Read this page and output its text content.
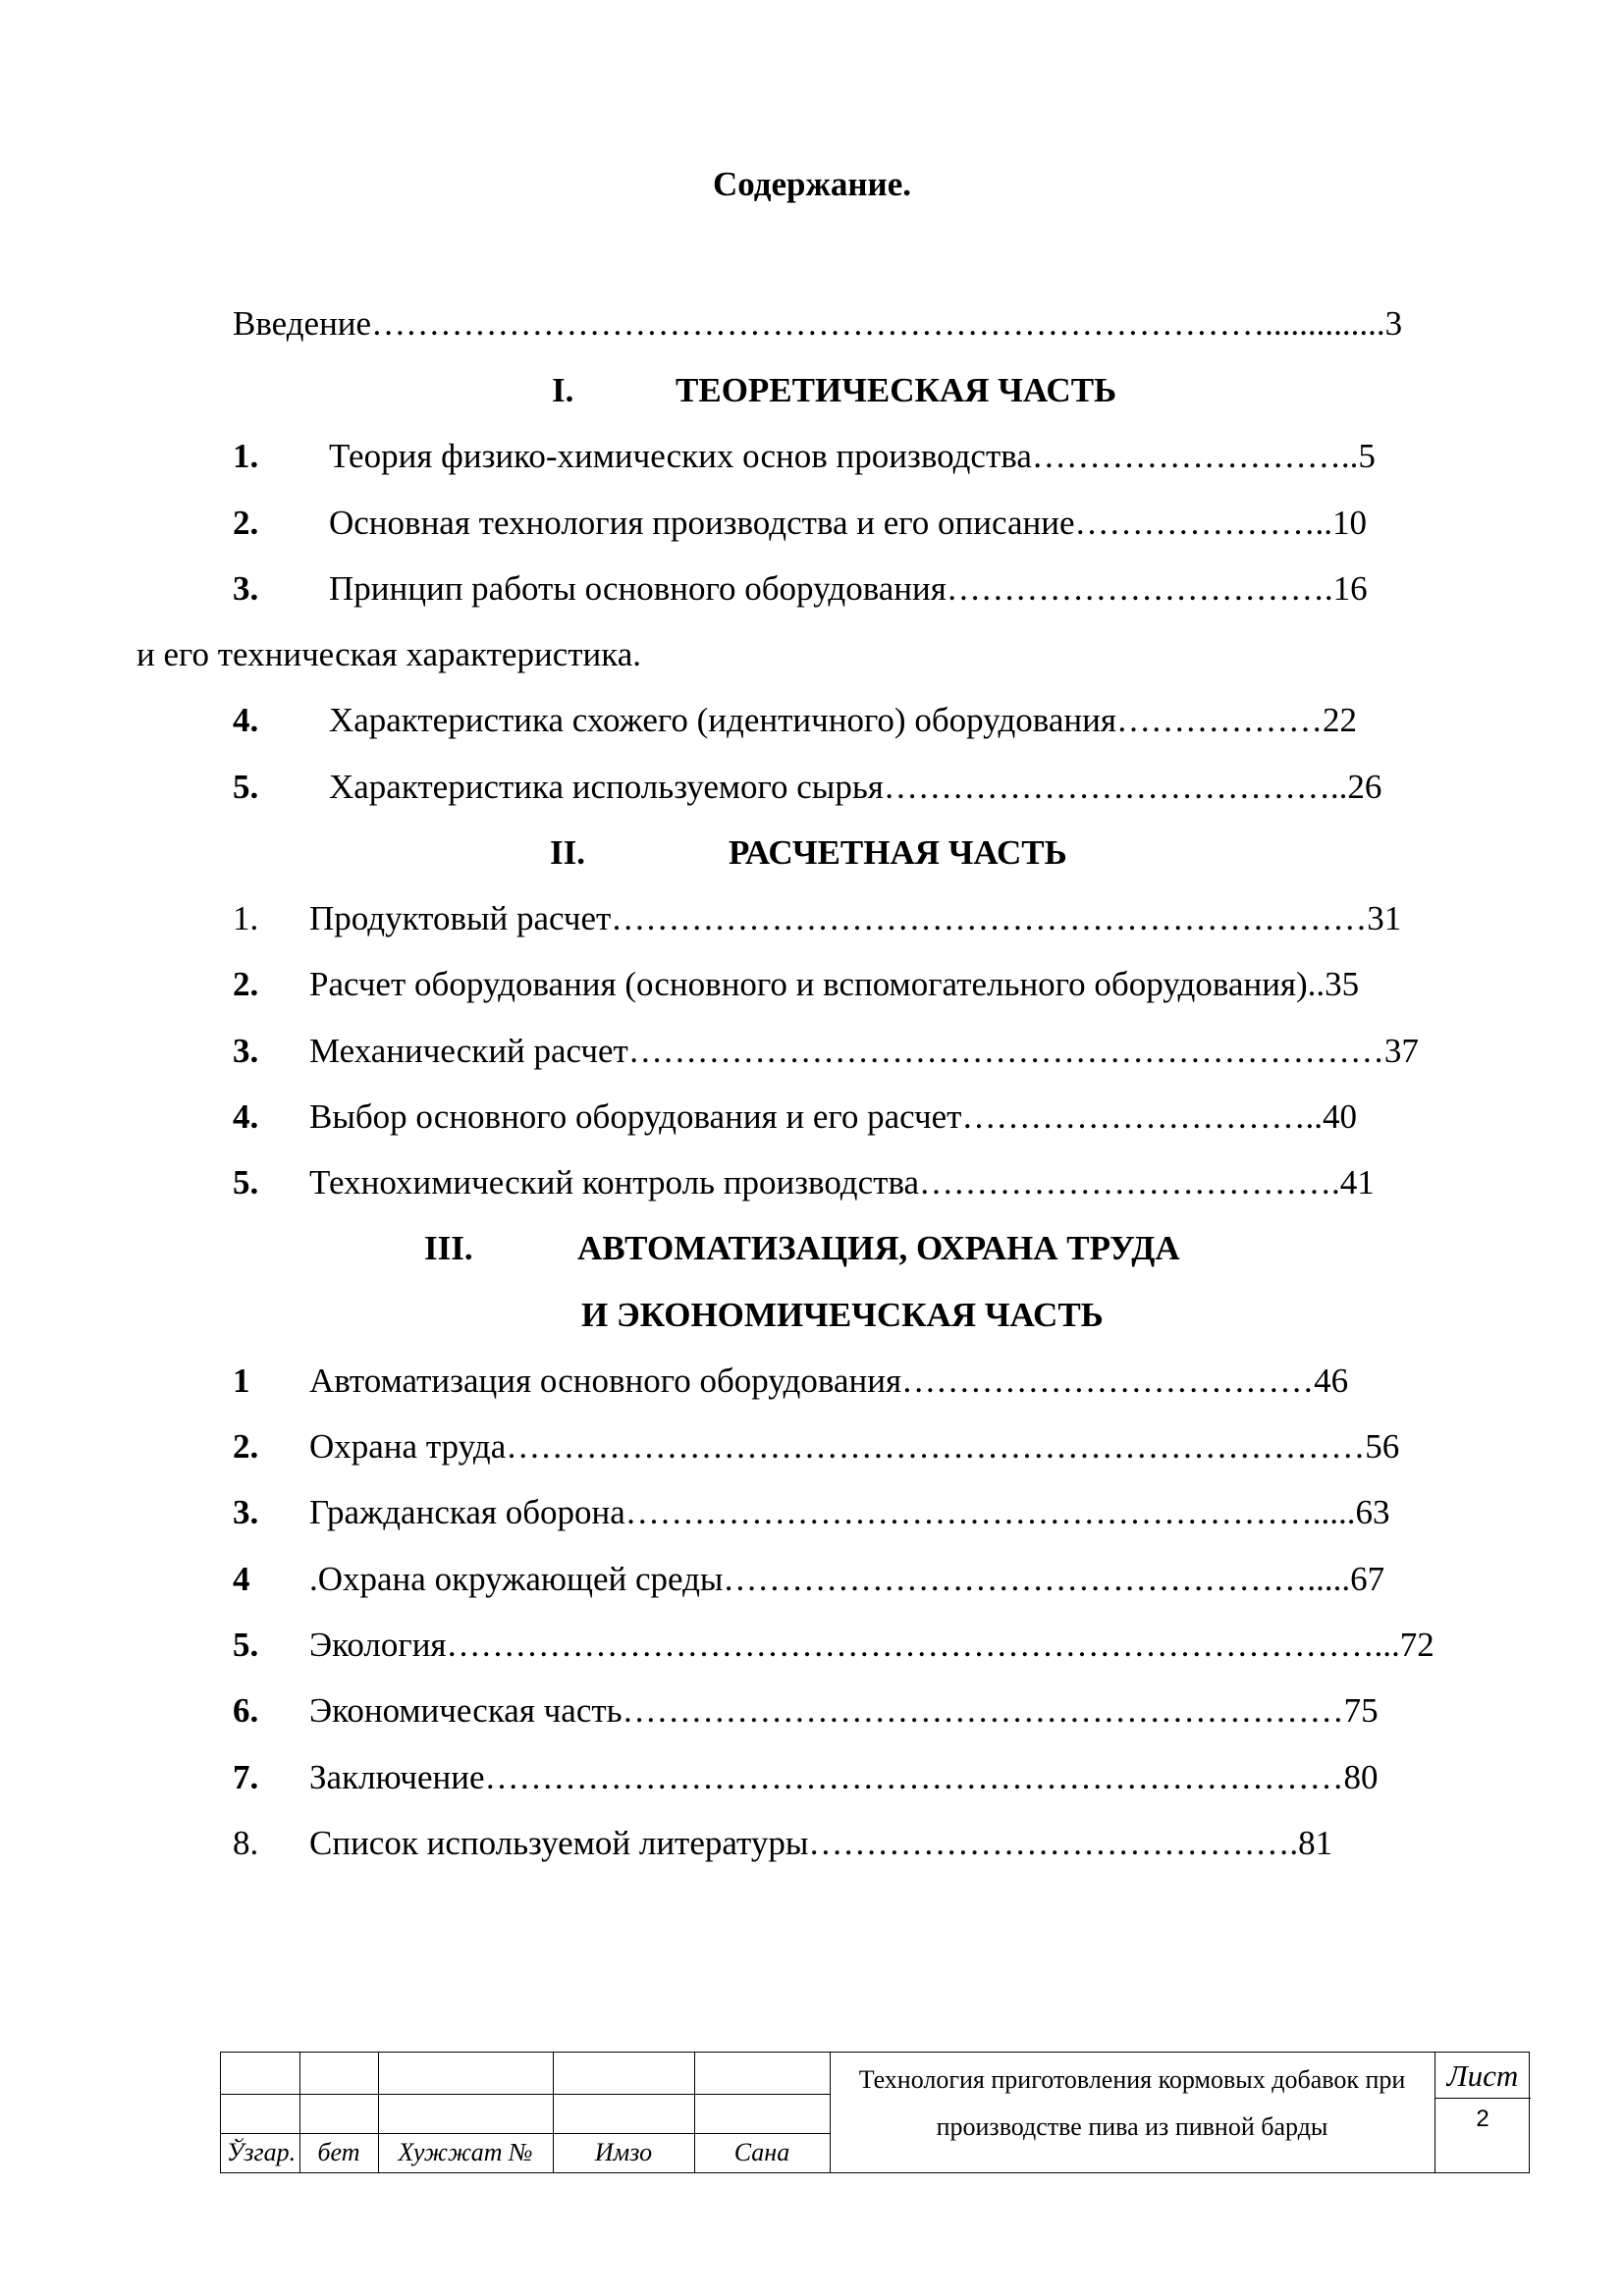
Содержание.
Введение……………………………………………………………………..............3
I.	ТЕОРЕТИЧЕСКАЯ ЧАСТЬ
1. Теория физико-химических основ производства………………………..5
2. Основная технология производства и его описание…………………..10
3. Принцип работы основного оборудования…………………………….16
и его техническая характеристика.
4. Характеристика схожего (идентичного) оборудования………………22
5. Характеристика используемого сырья…………………………………..26
II.	РАСЧЕТНАЯ ЧАСТЬ
1. Продуктовый расчет…………………………………………………………31
2. Расчет оборудования (основного и вспомогательного оборудования)..35
3. Механический расчет…………………………………………………………37
4. Выбор основного оборудования и его расчет…………………………..40
5. Технохимический контроль производства……………………………….41
III.	АВТОМАТИЗАЦИЯ, ОХРАНА ТРУДА
И ЭКОНОМИЧЕЧСКАЯ ЧАСТЬ
1 Автоматизация основного оборудования………………………………46
2. Охрана труда…………………………………………………………………56
3. Гражданская оборона…………………………………………………….....63
4 .Охрана окружающей среды…………………………………………….....67
5. Экология………………………………………………………………………...72
6. Экономическая часть………………………………………………………75
7. Заключение…………………………………………………………………80
8. Список используемой литературы…………………………………….81
Ўзгар. бет	Хужжат №	Имзо	Сана
Технология приготовления кормовых добавок при производстве пива из пивной барды
Лист
2
